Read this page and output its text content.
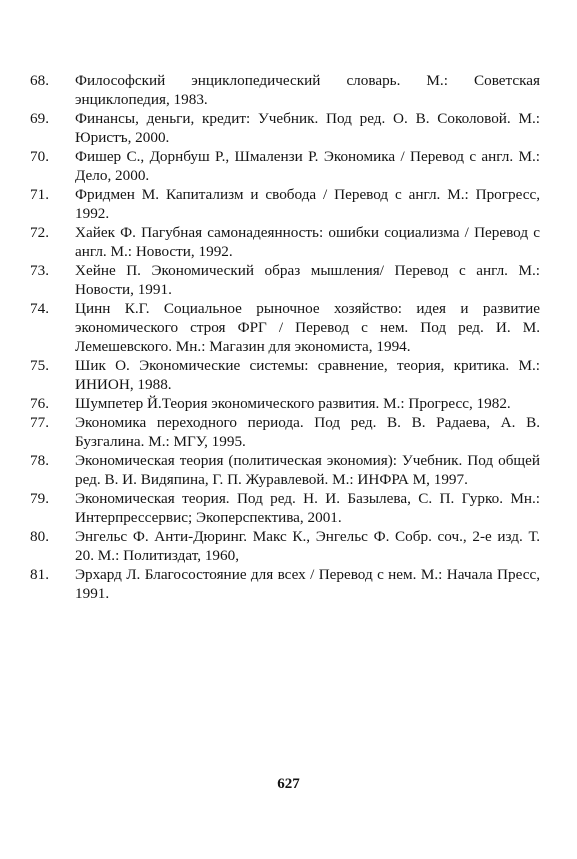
68.	Философский энциклопедический словарь. М.: Советская энциклопедия, 1983.
69.	Финансы, деньги, кредит: Учебник. Под ред. О. В. Соколовой. М.: Юристъ, 2000.
70.	Фишер С., Дорнбуш Р., Шмалензи Р. Экономика / Перевод с англ. М.: Дело, 2000.
71.	Фридмен М. Капитализм и свобода / Перевод с англ. М.: Прогресс, 1992.
72.	Хайек Ф. Пагубная самонадеянность: ошибки социализма / Перевод с англ. М.: Новости, 1992.
73.	Хейне П. Экономический образ мышления/ Перевод с англ. М.: Новости, 1991.
74.	Цинн К.Г. Социальное рыночное хозяйство: идея и развитие экономического строя ФРГ / Перевод с нем. Под ред. И. М. Лемешевского. Мн.: Магазин для экономиста, 1994.
75.	Шик О. Экономические системы: сравнение, теория, критика. М.: ИНИОН, 1988.
76.	Шумпетер Й.Теория экономического развития. М.: Прогресс, 1982.
77.	Экономика переходного периода. Под ред. В. В. Радаева, А. В. Бузгалина. М.: МГУ, 1995.
78.	Экономическая теория (политическая экономия): Учебник. Под общей ред. В. И. Видяпина, Г. П. Журавлевой. М.: ИНФРА М, 1997.
79.	Экономическая теория. Под ред. Н. И. Базылева, С. П. Гурко. Мн.: Интерпрессервис; Экоперспектива, 2001.
80.	Энгельс Ф. Анти-Дюринг. Макс К., Энгельс Ф. Собр. соч., 2-е изд. Т. 20. М.: Политиздат, 1960,
81.	Эрхард Л. Благосостояние для всех / Перевод с нем. М.: Начала Пресс, 1991.
627
